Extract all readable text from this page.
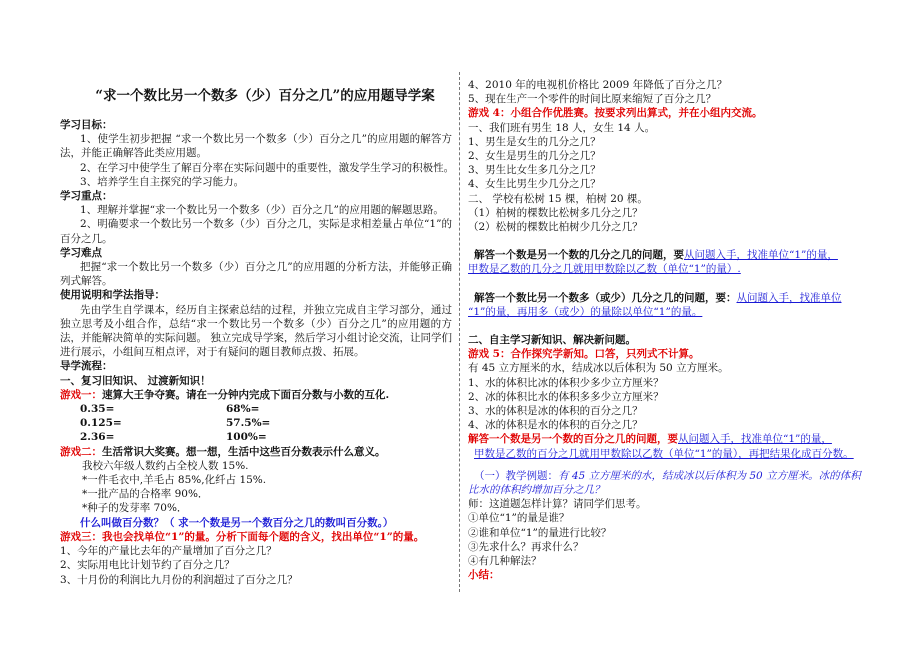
“求一个数比另一个数多（少）百分之几”的应用题导学案
学习目标：
1、使学生初步把握 “求一个数比另一个数多（少）百分之几”的应用题的解答方法，并能正确解答此类应用题。
2、在学习中使学生了解百分率在实际问题中的重要性，激发学生学习的积极性。
3、培养学生自主探究的学习能力。
学习重点：
1、理解并掌握“求一个数比另一个数多（少）百分之几”的应用题的解题思路。
2、明确要求一个数比另一个数多（少）百分之几，实际是求相差量占单位“1”的百分之几。
学习难点
把握“求一个数比另一个数多（少）百分之几”的应用题的分析方法，并能够正确列式解答。
使用说明和学法指导：
先由学生自学课本，经历自主探索总结的过程，并独立完成自主学习部分，通过独立思考及小组合作，总结“求一个数比另一个数多（少）百分之几”的应用题的方法，并能解决简单的实际问题。 独立完成导学案，然后学习小组讨论交流，让同学们进行展示，小组间互相点评，对于有疑问的题目教师点拨、拓展。
导学流程：
一、复习旧知识、 过渡新知识！
游戏一：速算大王争夺赛。请在一分钟内完成下面百分数与小数的互化.
0.35=	68%=
0.125=	57.5%=
2.36=	100%=
游戏二：生活常识大奖赛。想一想，生活中这些百分数表示什么意义。
我校六年级人数约占全校人数 15%.
*一件毛衣中,羊毛占 85%,化纤占 15%.
*一批产品的合格率 90%．
*种子的发芽率 70%．
什么叫做百分数？（ 求一个数是另一个数百分之几的数叫百分数。）
游戏三：我也会找单位“1”的量。分析下面每个题的含义，找出单位“1”的量。
1、今年的产量比去年的产量增加了百分之几？
2、实际用电比计划节约了百分之几？
3、十月份的利润比九月份的利润超过了百分之几？
4、2010 年的电视机价格比 2009 年降低了百分之几？
5、现在生产一个零件的时间比原来缩短了百分之几？
游戏 4：小组合作优胜赛。按要求列出算式，并在小组内交流。
一、我们班有男生 18 人，女生 14 人。
1、男生是女生的几分之几？
2、女生是男生的几分之几？
3、男生比女生多几分之几？
4、女生比男生少几分之几？
二、 学校有松树 15 棵，柏树 20 棵。
（1）柏树的棵数比松树多几分之几？
（2）松树的棵数比柏树少几分之几？
解答一个数是另一个数的几分之几的问题，要从问题入手，找准单位“1”的量，
甲数是乙数的几分之几就用甲数除以乙数（单位“1”的量）.
解答一个数比另一个数多（或少）几分之几的问题，要：从问题入手，找准单位
“1”的量，再用多（或少）的量除以单位“1”的量。
二、自主学习新知识、解决新问题。
游戏 5：合作探究学新知。口答，只列式不计算。
有 45 立方厘米的水，结成冰以后体积为 50 立方厘米。
1、水的体积比冰的体积少多少立方厘米？
2、冰的体积比水的体积多多少立方厘米？
3、水的体积是冰的体积的百分之几？
4、冰的体积是水的体积的百分之几？
解答一个数是另一个数的百分之几的问题，要从问题入手，找准单位“1”的量，
甲数是乙数的百分之几就用甲数除以乙数（单位“1”的量），再把结果化成百分数。
（一）教学例题：有 45 立方厘米的水，结成冰以后体积为 50 立方厘米。冰的体积
比水的体积约增加百分之几？
师：这道题怎样计算？请同学们思考。
①单位“1”的量是谁？
②谁和单位“1”的量进行比较？
③先求什么？再求什么？
④有几种解法？
小结：
